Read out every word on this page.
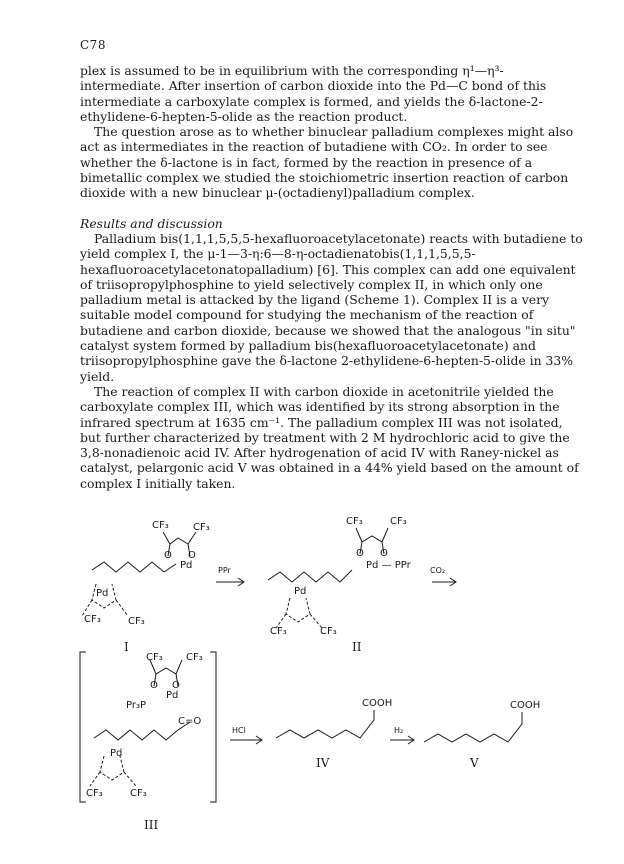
C78

plex is assumed to be in equilibrium with the corresponding η¹—η³-intermediate. After insertion of carbon dioxide into the Pd—C bond of this intermediate a carboxylate complex is formed, and yields the δ-lactone-2-ethylidene-6-hepten-5-olide as the reaction product.

The question arose as to whether binuclear palladium complexes might also act as intermediates in the reaction of butadiene with CO₂. In order to see whether the δ-lactone is in fact, formed by the reaction in presence of a bimetallic complex we studied the stoichiometric insertion reaction of carbon dioxide with a new binuclear μ-(octadienyl)palladium complex.

Results and discussion

Palladium bis(1,1,1,5,5,5-hexafluoroacetylacetonate) reacts with butadiene to yield complex I, the μ-1—3-η:6—8-η-octadienatobis(1,1,1,5,5,5-hexafluoroacetylacetonatopalladium) [6]. This complex can add one equivalent of triisopropylphosphine to yield selectively complex II, in which only one palladium metal is attacked by the ligand (Scheme 1). Complex II is a very suitable model compound for studying the mechanism of the reaction of butadiene and carbon dioxide, because we showed that the analogous "in situ" catalyst system formed by palladium bis(hexafluoroacetylacetonate) and triisopropylphosphine gave the δ-lactone 2-ethylidene-6-hepten-5-olide in 33% yield.

The reaction of complex II with carbon dioxide in acetonitrile yielded the carboxylate complex III, which was identified by its strong absorption in the infrared spectrum at 1635 cm⁻¹. The palladium complex III was not isolated, but further characterized by treatment with 2 M hydrochloric acid to give the 3,8-nonadienoic acid IV. After hydrogenation of acid IV with Raney-nickel as catalyst, pelargonic acid V was obtained in a 44% yield based on the amount of complex I initially taken.

CF₃ CF₃
O O
Pd
Pd
CF₃	CF₃
I
PPr
CF₃	CF₃
O O
Pd — PPr CO₂
Pd
CF₃	CF₃
II
CF₃ CF₃
O O
Pd
Pr₃P
C=O
Pd
CF₃	CF₃
III
HCl
COOH
IV
H₂
COOH
V
